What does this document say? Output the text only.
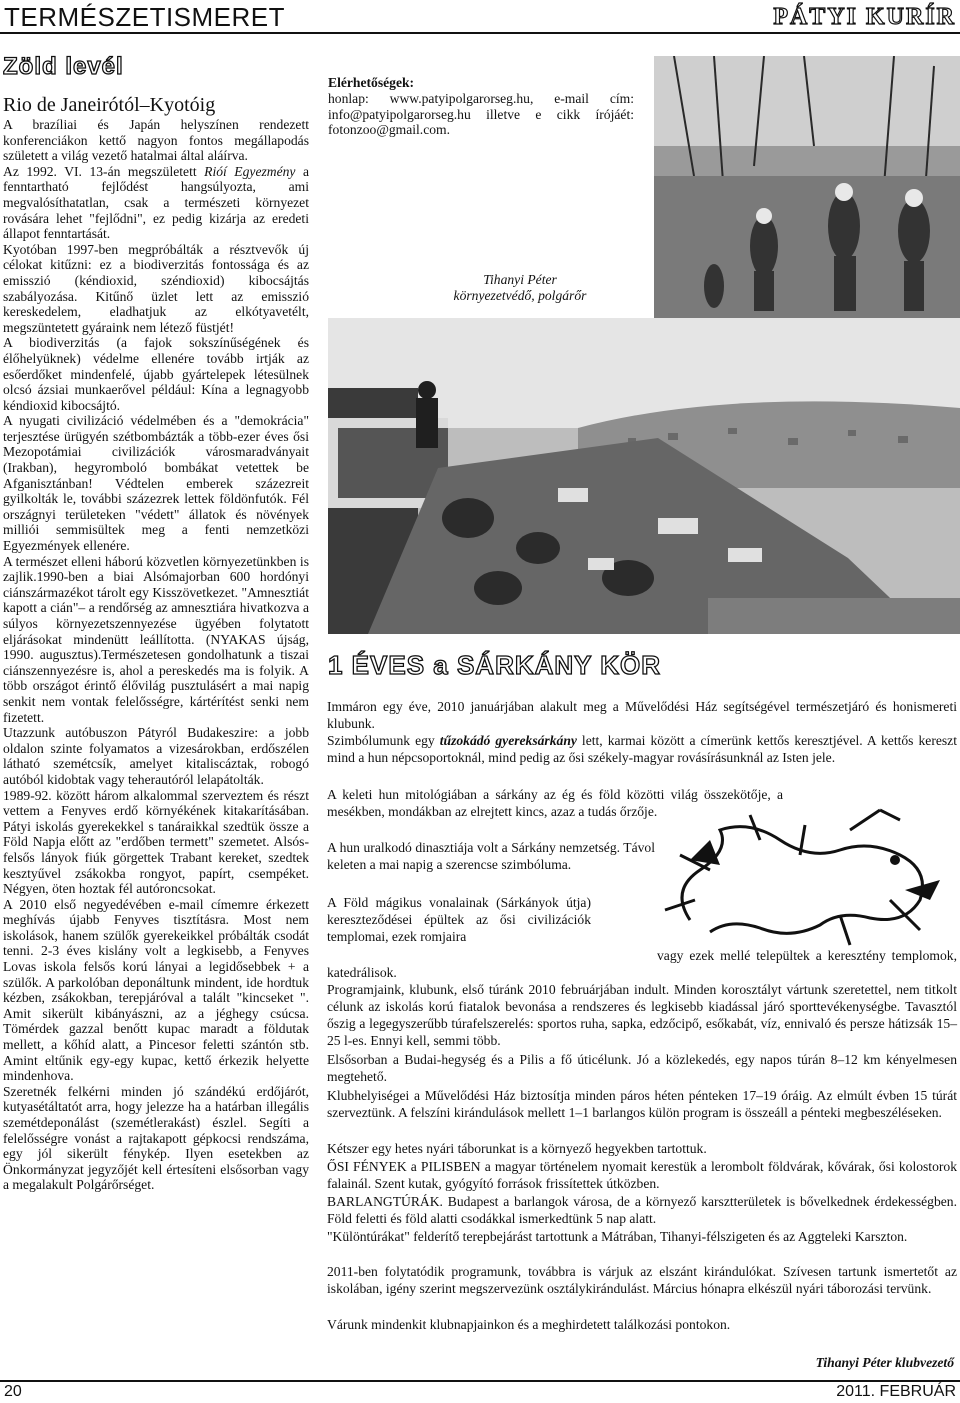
TERMÉSZETISMERET	PÁTYI KURÍR
Zöld levél
Rio de Janeirótól–Kyotóig

A brazíliai és Japán helyszínen rendezett konferenciákon kettő nagyon fontos megállapodás született a világ vezető hatalmai által aláírva.

Az 1992. VI. 13-án megszületett Rióí Egyezmény a fenntartható fejlődést hangsúlyozta, ami megvalósíthatatlan, csak a természeti környezet rovására lehet "fejlődni", ez pedig kizárja az eredeti állapot fenntartását.

Kyotóban 1997-ben megpróbálták a résztvevők új célokat kitűzni: ez a biodiverzitás fontossága és az emisszió (kéndioxid, széndioxid) kibocsájtás szabályozása. Kitűnő üzlet lett az emisszió kereskedelem, eladhatjuk az elkótyavetélt, megszüntetett gyáraink nem létező füstjét!

A biodiverzitás (a fajok sokszínűségének és élőhelyüknek) védelme ellenére tovább irtják az esőerdőket mindenfelé, újabb gyártelepek létesülnek olcsó ázsiai munkaerővel például: Kína a legnagyobb kéndioxid kibocsájtó.

A nyugati civilizáció védelmében és a "demokrácia" terjesztése ürügyén szétbombázták a több-ezer éves ősi Mezopotámiai civilizációk városmaradványait (Irakban), hegyromboló bombákat vetettek be Afganisztánban! Védtelen emberek százezreit gyilkolták le, további százezrek lettek földönfutók. Fél országnyi területeken "védett" állatok és növények milliói semmisültek meg a fenti nemzetközi Egyezmények ellenére.

A természet elleni háború közvetlen környezetünkben is zajlik.1990-ben a biai Alsómajorban 600 hordónyi ciánszármazékot tárolt egy Kisszövetkezet. "Amnesztiát kapott a cián"– a rendőrség az amnesztiára hivatkozva a súlyos környezetszennyezése ügyében folytatott eljárásokat mindenütt leállította. (NYAKAS újság, 1990. augusztus).Természetesen gondolhatunk a tiszai ciánszennyezésre is, ahol a pereskedés ma is folyik. A több országot érintő élővilág pusztulásért a mai napig senkit nem vontak felelősségre, kártérítést senki nem fizetett.

Utazzunk autóbuszon Pátyról Budakeszire: a jobb oldalon szinte folyamatos a vizesárokban, erdőszélen látható szemétcsík, amelyet kitaliscáztak, robogó autóból kidobtak vagy teherautóról lelapátolták.

1989-92. között három alkalommal szerveztem és részt vettem a Fenyves erdő környékének kitakarításában. Pátyi iskolás gyerekekkel s tanáraikkal szedtük össze a Föld Napja előtt az "erdőben termett" szemetet. Alsós-felsős lányok fiúk görgettek Trabant kereket, szedtek kesztyűvel zsákokba rongyot, papírt, csempéket. Négyen, öten hoztak fél autóroncsokat.

A 2010 első negyedévében e-mail címemre érkezett meghívás újabb Fenyves tisztításra. Most nem iskolások, hanem szülők gyerekeikkel próbálták csodát tenni. 2-3 éves kislány volt a legkisebb, a Fenyves Lovas iskola felsős korú lányai a legidősebbek + a szülők. A parkolóban deponáltunk mindent, ide hordtuk kézben, zsákokban, terepjáróval a talált "kincseket ". Amit sikerült kibányászni, az a jéghegy csúcsa. Tömérdek gazzal benőtt kupac maradt a földutak mellett, a kőhíd alatt, a Pincesor feletti szántón stb. Amint eltűnik egy-egy kupac, kettő érkezik helyette mindenhova.

Szeretnék felkérni minden jó szándékú erdőjárót, kutyasétáltatót arra, hogy jelezze ha a határban illegális szemétdeponálást (szemétlerakást) észlel. Segíti a felelősségre vonást a rajtakapott gépkocsi rendszáma, egy jól sikerült fénykép. Ilyen esetekben az Önkormányzat jegyzőjét kell értesíteni elsősorban vagy a megalakult Polgárőrséget.

Elérhetőségek:

honlap: www.patyipolgarorseg.hu, e-mail cím: info@patyipolgarorseg.hu illetve e cikk írójáét: fotonzoo@gmail.com.

Tihanyi Péter
környezetvédő, polgárőr
1 ÉVES a SÁRKÁNY KÖR
Immáron egy éve, 2010 januárjában alakult meg a Művelődési Ház segítségével természetjáró és honismereti klubunk.
Szimbólumunk egy tűzokádó gyereksárkány lett, karmai között a címerünk kettős keresztjével. A kettős kereszt mind a hun népcsoportoknál, mind pedig az ősi székely-magyar rovásírásunknál az Isten jele.
A keleti hun mitológiában a sárkány az ég és föld közötti világ összekötője, a mesékben, mondákban az elrejtett kincs, azaz a tudás őrzője.
A hun uralkodó dinasztiája volt a Sárkány nemzetség. Távol keleten a mai napig a szerencse szimbóluma.
A Föld mágikus vonalainak (Sárkányok útja) kereszteződései épültek az ősi civilizációk templomai, ezek romjaira
vagy ezek mellé települtek a keresztény templomok, katedrálisok.
Programjaink, klubunk, első túránk 2010 februárjában indult. Minden korosztályt vártunk szeretettel, nem titkolt célunk az iskolás korú fiatalok bevonása a rendszeres és legkisebb kiadással járó sporttevékenységbe. Tavasztól őszig a legegyszerűbb túrafelszerelés: sportos ruha, sapka, edzőcipő, esőkabát, víz, ennivaló és persze hátizsák 15–25 l-es. Ennyi kell, semmi több.
Elsősorban a Budai-hegység és a Pilis a fő úticélunk. Jó a közlekedés, egy napos túrán 8–12 km kényelmesen megtehető.
Klubhelyiségei a Művelődési Ház biztosítja minden páros héten pénteken 17–19 óráig. Az elmúlt évben 15 túrát szerveztünk. A felszíni kirándulások mellett 1–1 barlangos külön program is összeáll a pénteki megbeszéléseken.
Kétszer egy hetes nyári táborunkat is a környező hegyekben tartottuk.
ŐSI FÉNYEK a PILISBEN a magyar történelem nyomait kerestük a lerombolt földvárak, kővárak, ősi kolostorok falainál. Szent kutak, gyógyító források frissítettek útközben.
BARLANGTÚRÁK. Budapest a barlangok városa, de a környező karsztterületek is bővelkednek érdekességben. Föld feletti és föld alatti csodákkal ismerkedtünk 5 nap alatt.
"Különtúrákat" felderítő terepbejárást tartottunk a Mátrában, Tihanyi-félszigeten és az Aggteleki Karszton.
2011-ben folytatódik programunk, továbbra is várjuk az elszánt kirándulókat. Szívesen tartunk ismertetőt az iskolában, igény szerint megszervezünk osztálykirándulást. Március hónapra elkészül nyári táborozási tervünk.
Várunk mindenkit klubnapjainkon és a meghirdetett találkozási pontokon.
Tihanyi Péter klubvezető
20	2011. FEBRUÁR
